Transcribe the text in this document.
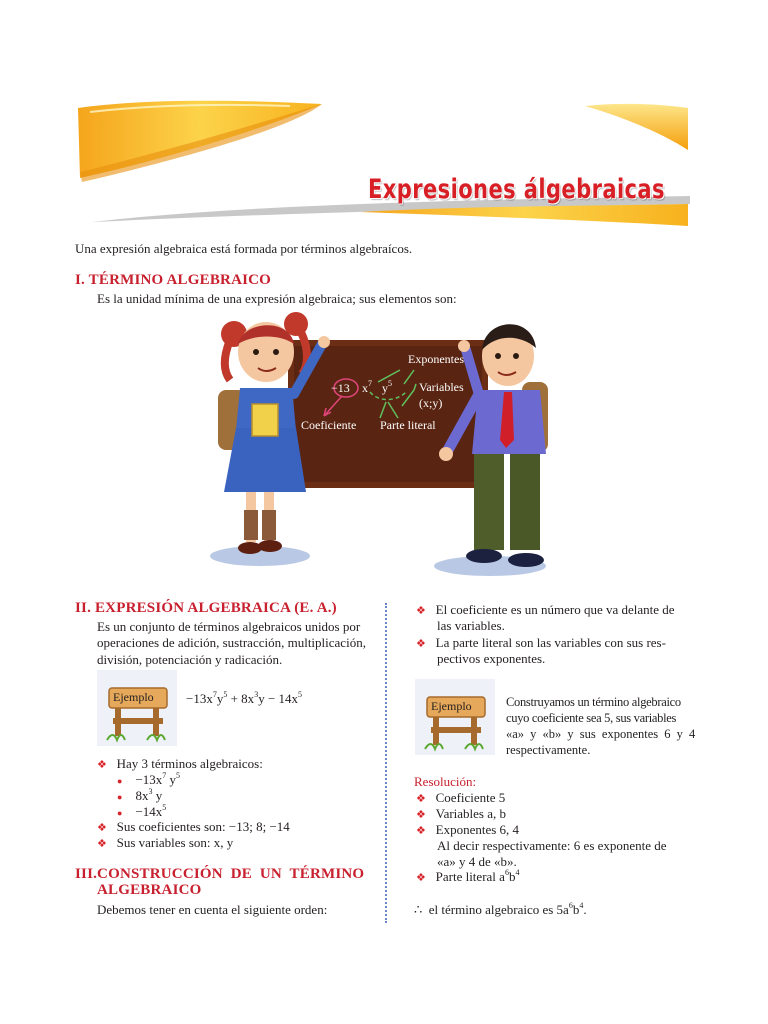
Expresiones álgebraicas
Una expresión algebraica está formada por términos algebraícos.
I. TÉRMINO ALGEBRAICO
Es la unidad mínima de una expresión algebraica; sus elementos son:
Exponentes
−13 $x^7$ $y^5$ Variables
(x;y)
Coeficiente Parte literal
II. EXPRESIÓN ALGEBRAICA (E. A.)
Es un conjunto de términos algebraicos unidos por
operaciones de adición, sustracción, multiplicación,
división, potenciación y radicación.
Ejemplo $-13x^7y^5 + 8x^3y - 14x^5$
❖ Hay 3 términos algebraicos:
● $-13x^7$ $y^5$
● $8x^3$ y
● $-14x^5$
❖ Sus coeficientes son: −13; 8; −14
❖ Sus variables son: x, y
III.CONSTRUCCIÓN  DE  UN  TÉRMINO
ALGEBRAICO
Debemos tener en cuenta el siguiente orden:
❖ El coeficiente es un número que va delante de
las variables.
❖ La parte literal son las variables con sus res-
pectivos exponentes.
Ejemplo	Construyamos un término algebraico
cuyo coeficiente sea 5, sus variables
«a» y «b» y sus exponentes 6 y 4
respectivamente.
Resolución:
❖ Coeficiente 5
❖ Variables a, b
❖ Exponentes 6, 4
Al decir respectivamente: 6 es exponente de
«a» y 4 de «b».
❖ Parte literal $a^6b^4$
∴ el término algebraico es $5a^6b^4$.
